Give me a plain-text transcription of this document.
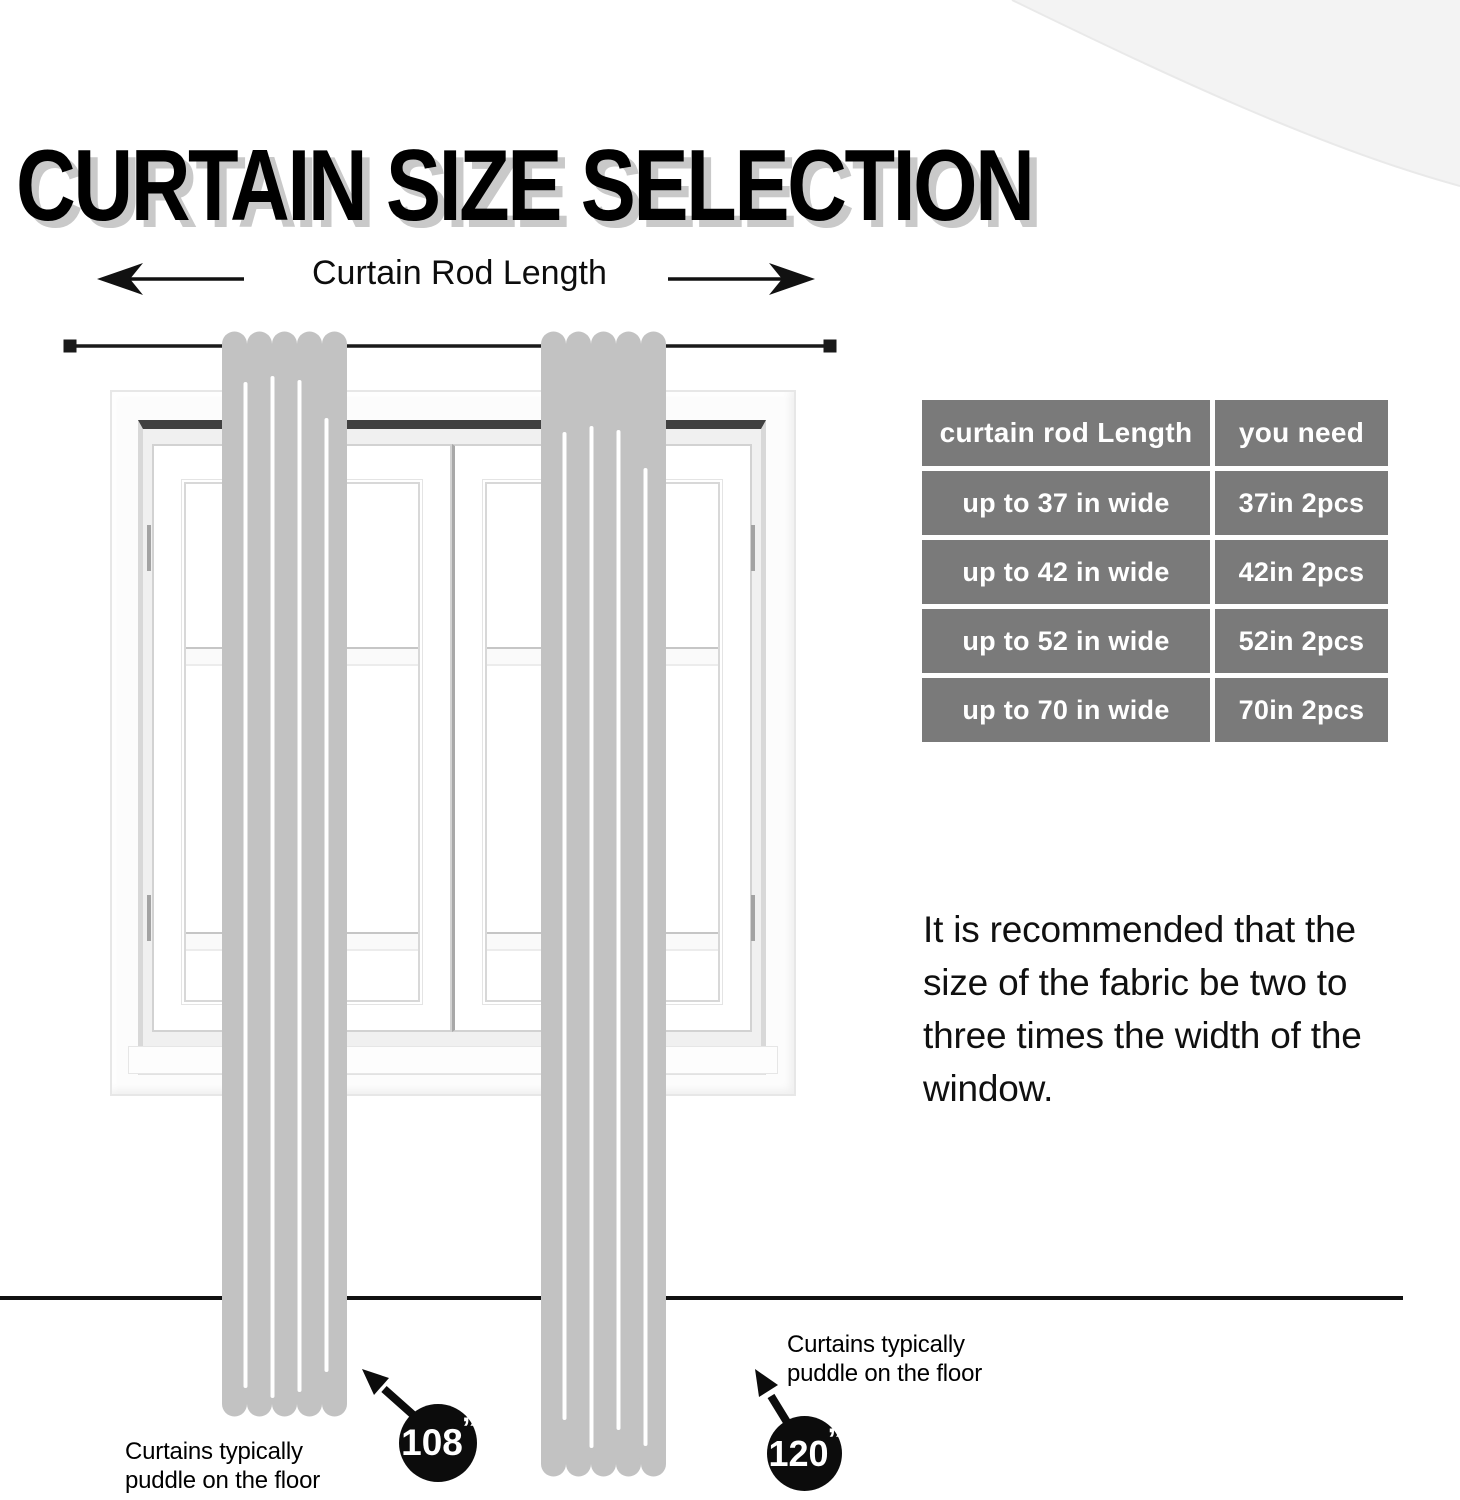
CURTAIN SIZE SELECTION
Curtain Rod Length
curtain rod Length	you need
up to 37 in wide	37in 2pcs
up to 42 in wide	42in 2pcs
up to 52 in wide	52in 2pcs
up to 70 in wide	70in 2pcs

It is recommended that the size of the fabric be two to three times the width of the window.

Curtains typically
puddle on the floor
Curtains typically
puddle on the floor
108 ”
120 ”
